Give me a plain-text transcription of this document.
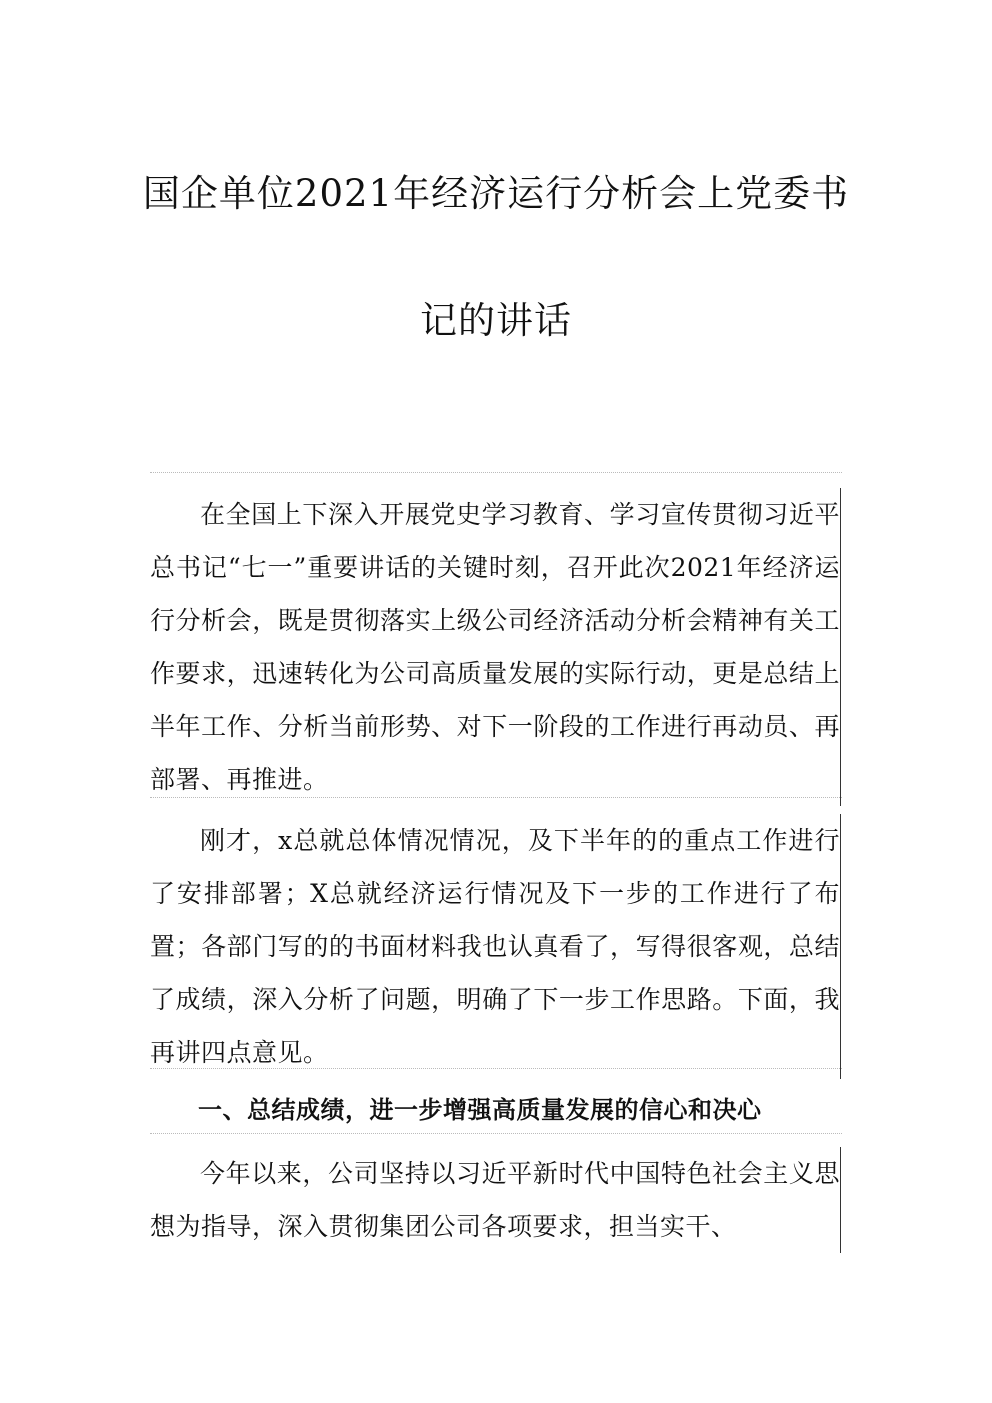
国企单位2021年经济运行分析会上党委书
记的讲话

在全国上下深入开展党史学习教育、学习宣传贯彻习近平总书记“七一”重要讲话的关键时刻，召开此次2021年经济运行分析会，既是贯彻落实上级公司经济活动分析会精神有关工作要求，迅速转化为公司高质量发展的实际行动，更是总结上半年工作、分析当前形势、对下一阶段的工作进行再动员、再部署、再推进。

刚才，x总就总体情况情况，及下半年的的重点工作进行了安排部署；X总就经济运行情况及下一步的工作进行了布置；各部门写的的书面材料我也认真看了，写得很客观，总结了成绩，深入分析了问题，明确了下一步工作思路。下面，我再讲四点意见。

一、总结成绩，进一步增强高质量发展的信心和决心

今年以来，公司坚持以习近平新时代中国特色社会主义思想为指导，深入贯彻集团公司各项要求，担当实干、
